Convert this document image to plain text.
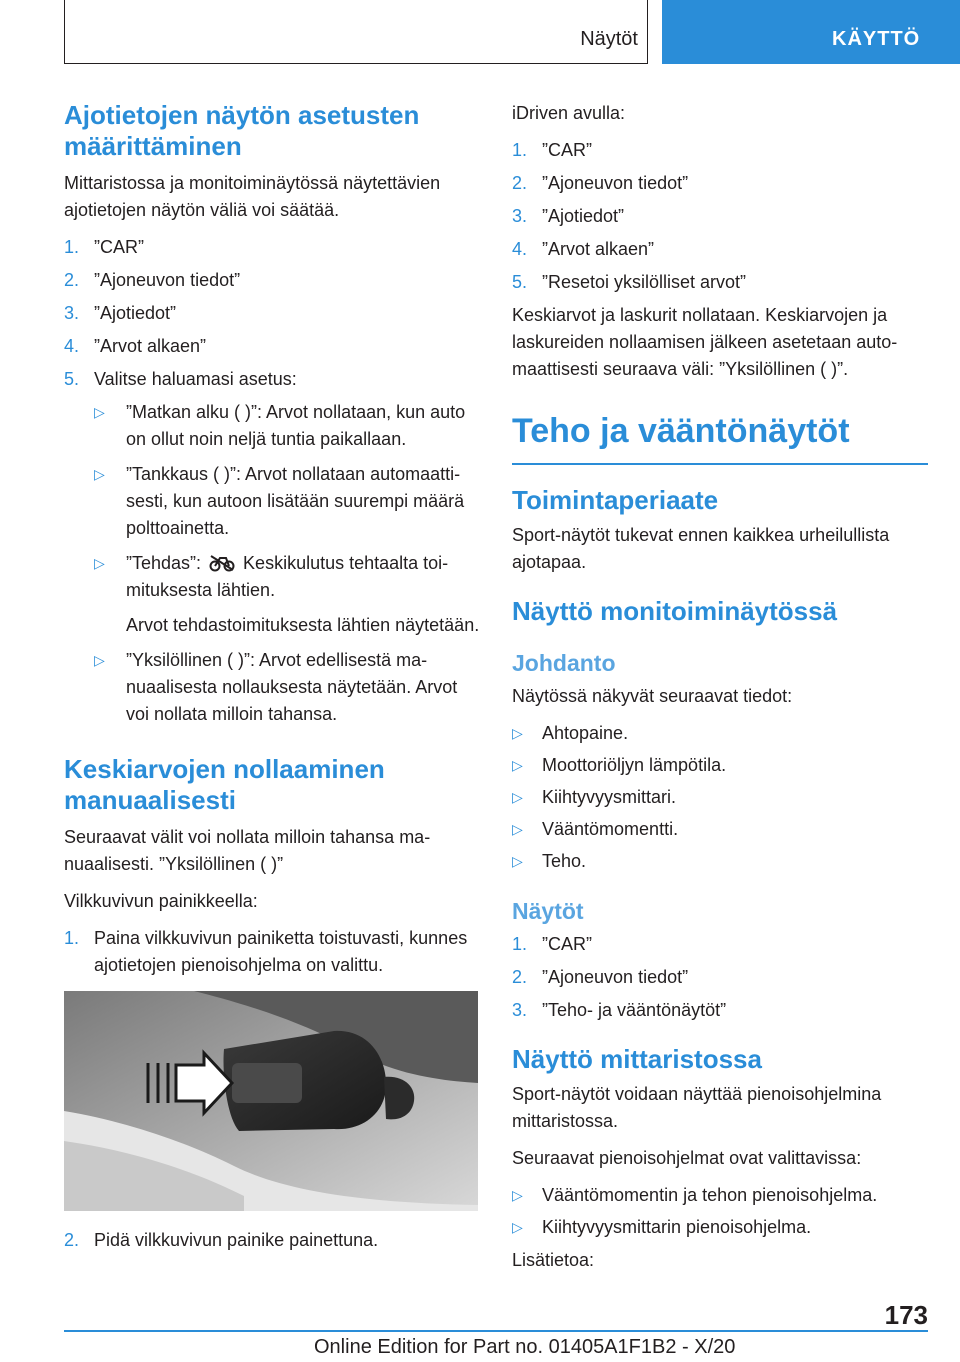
Näytöt	KÄYTTÖ
Ajotietojen näytön asetusten määrittäminen

Mittaristossa ja monitoiminäytössä näytettävien ajotietojen näytön väliä voi säätää.

1. ”CAR”
2. ”Ajoneuvon tiedot”
3. ”Ajotiedot”
4. ”Arvot alkaen”
5. Valitse haluamasi asetus:
▷ ”Matkan alku ( )”: Arvot nollataan, kun auto on ollut noin neljä tuntia paikallaan.
▷ ”Tankkaus ( )”: Arvot nollataan automaattisesti, kun autoon lisätään suurempi määrä polttoainetta.
▷ ”Tehdas”: Keskikulutus tehtaalta toimituksesta lähtien.

Arvot tehdastoimituksesta lähtien näytetään.

▷ ”Yksilöllinen ( )”: Arvot edellisestä manuaalisesta nollauksesta näytetään. Arvot voi nollata milloin tahansa.
Keskiarvojen nollaaminen manuaalisesti

Seuraavat välit voi nollata milloin tahansa manuaalisesti. ”Yksilöllinen ( )”

Vilkkuvivun painikkeella:

1. Paina vilkkuvivun painiketta toistuvasti, kunnes ajotietojen pienoisohjelma on valittu.
2. Pidä vilkkuvivun painike painettuna.

iDriven avulla:

1. ”CAR”
2. ”Ajoneuvon tiedot”
3. ”Ajotiedot”
4. ”Arvot alkaen”
5. ”Resetoi yksilölliset arvot”

Keskiarvot ja laskurit nollataan. Keskiarvojen ja laskureiden nollaamisen jälkeen asetetaan automaattisesti seuraava väli: ”Yksilöllinen ( )”.

Teho ja vääntönäytöt
Toimintaperiaate

Sport-näytöt tukevat ennen kaikkea urheilullista ajotapaa.

Näyttö monitoiminäytössä
Johdanto

Näytössä näkyvät seuraavat tiedot:

▷ Ahtopaine.
▷ Moottoriöljyn lämpötila.
▷ Kiihtyvyysmittari.
▷ Vääntömomentti.
▷ Teho.
Näytöt
1. ”CAR”
2. ”Ajoneuvon tiedot”
3. ”Teho- ja vääntönäytöt”
Näyttö mittaristossa

Sport-näytöt voidaan näyttää pienoisohjelmina mittaristossa.

Seuraavat pienoisohjelmat ovat valittavissa:

▷ Vääntömomentin ja tehon pienoisohjelma.
▷ Kiihtyvyysmittarin pienoisohjelma.

Lisätietoa:

173
Online Edition for Part no. 01405A1F1B2 - X/20
